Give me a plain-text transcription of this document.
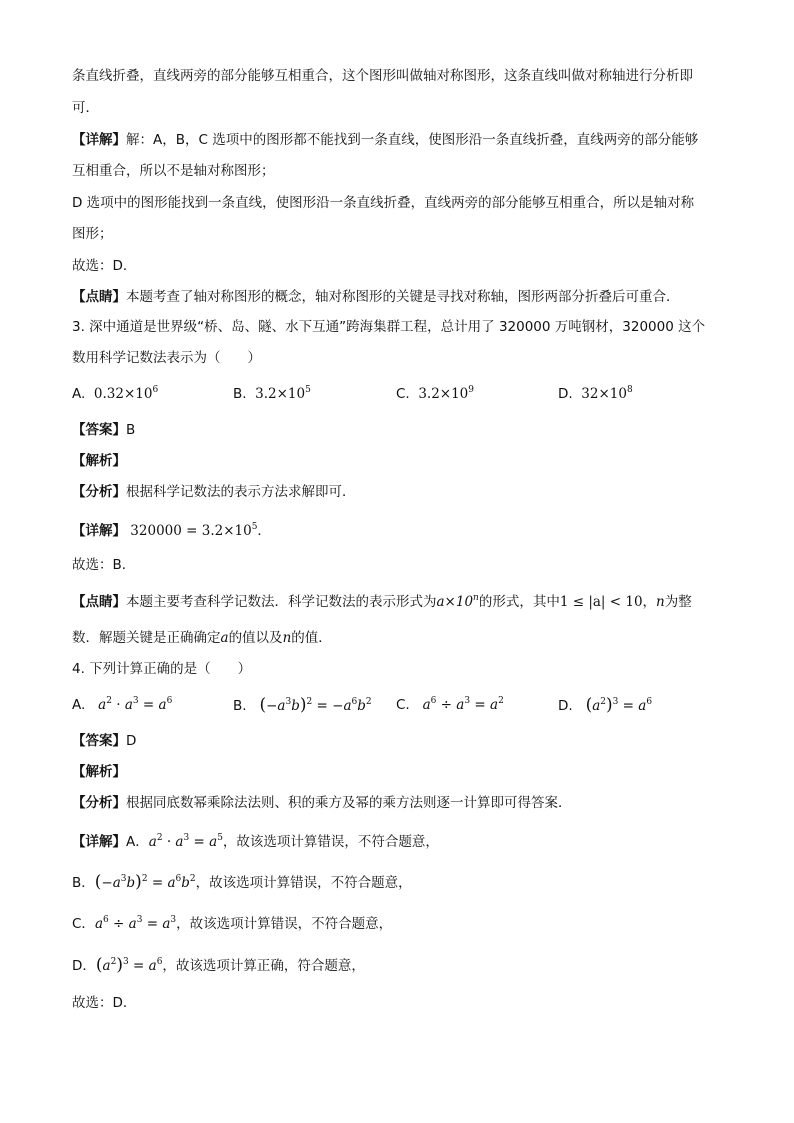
条直线折叠，直线两旁的部分能够互相重合，这个图形叫做轴对称图形，这条直线叫做对称轴进行分析即
可．
【详解】解：A，B，C 选项中的图形都不能找到一条直线，使图形沿一条直线折叠，直线两旁的部分能够
互相重合，所以不是轴对称图形；
D 选项中的图形能找到一条直线，使图形沿一条直线折叠，直线两旁的部分能够互相重合，所以是轴对称
图形；
故选：D．
【点睛】本题考查了轴对称图形的概念，轴对称图形的关键是寻找对称轴，图形两部分折叠后可重合．
3. 深中通道是世界级“桥、岛、隧、水下互通”跨海集群工程，总计用了 320000 万吨钢材，320000 这个
数用科学记数法表示为（　　）
A. $0.32\times 10^6$	B. $3.2\times 10^5$	C. $3.2\times 10^9$	D. $32\times 10^8$
【答案】B
【解析】
【分析】根据科学记数法的表示方法求解即可．
【详解】 $320000 = 3.2\times 10^5$．
故选：B．
【点睛】本题主要考查科学记数法．科学记数法的表示形式为$a\times 10^n$的形式，其中1 ≤ |a| < 10，n为整
数．解题关键是正确确定a的值以及n的值．
4. 下列计算正确的是（　　）
A. $a^2 \cdot a^3 = a^6$	B. $(-a^3b)^2 = -a^6b^2$ C. $a^6 \div a^3 = a^2$	D. $(a^2)^3 = a^6$
【答案】D
【解析】
【分析】根据同底数幂乘除法法则、积的乘方及幂的乘方法则逐一计算即可得答案．
【详解】A．$a^2 \cdot a^3 = a^5$，故该选项计算错误，不符合题意，
B．$(-a^3b)^2 = a^6b^2$，故该选项计算错误，不符合题意，
C．$a^6 \div a^3 = a^3$，故该选项计算错误，不符合题意，
D．$(a^2)^3 = a^6$，故该选项计算正确，符合题意，
故选：D．
